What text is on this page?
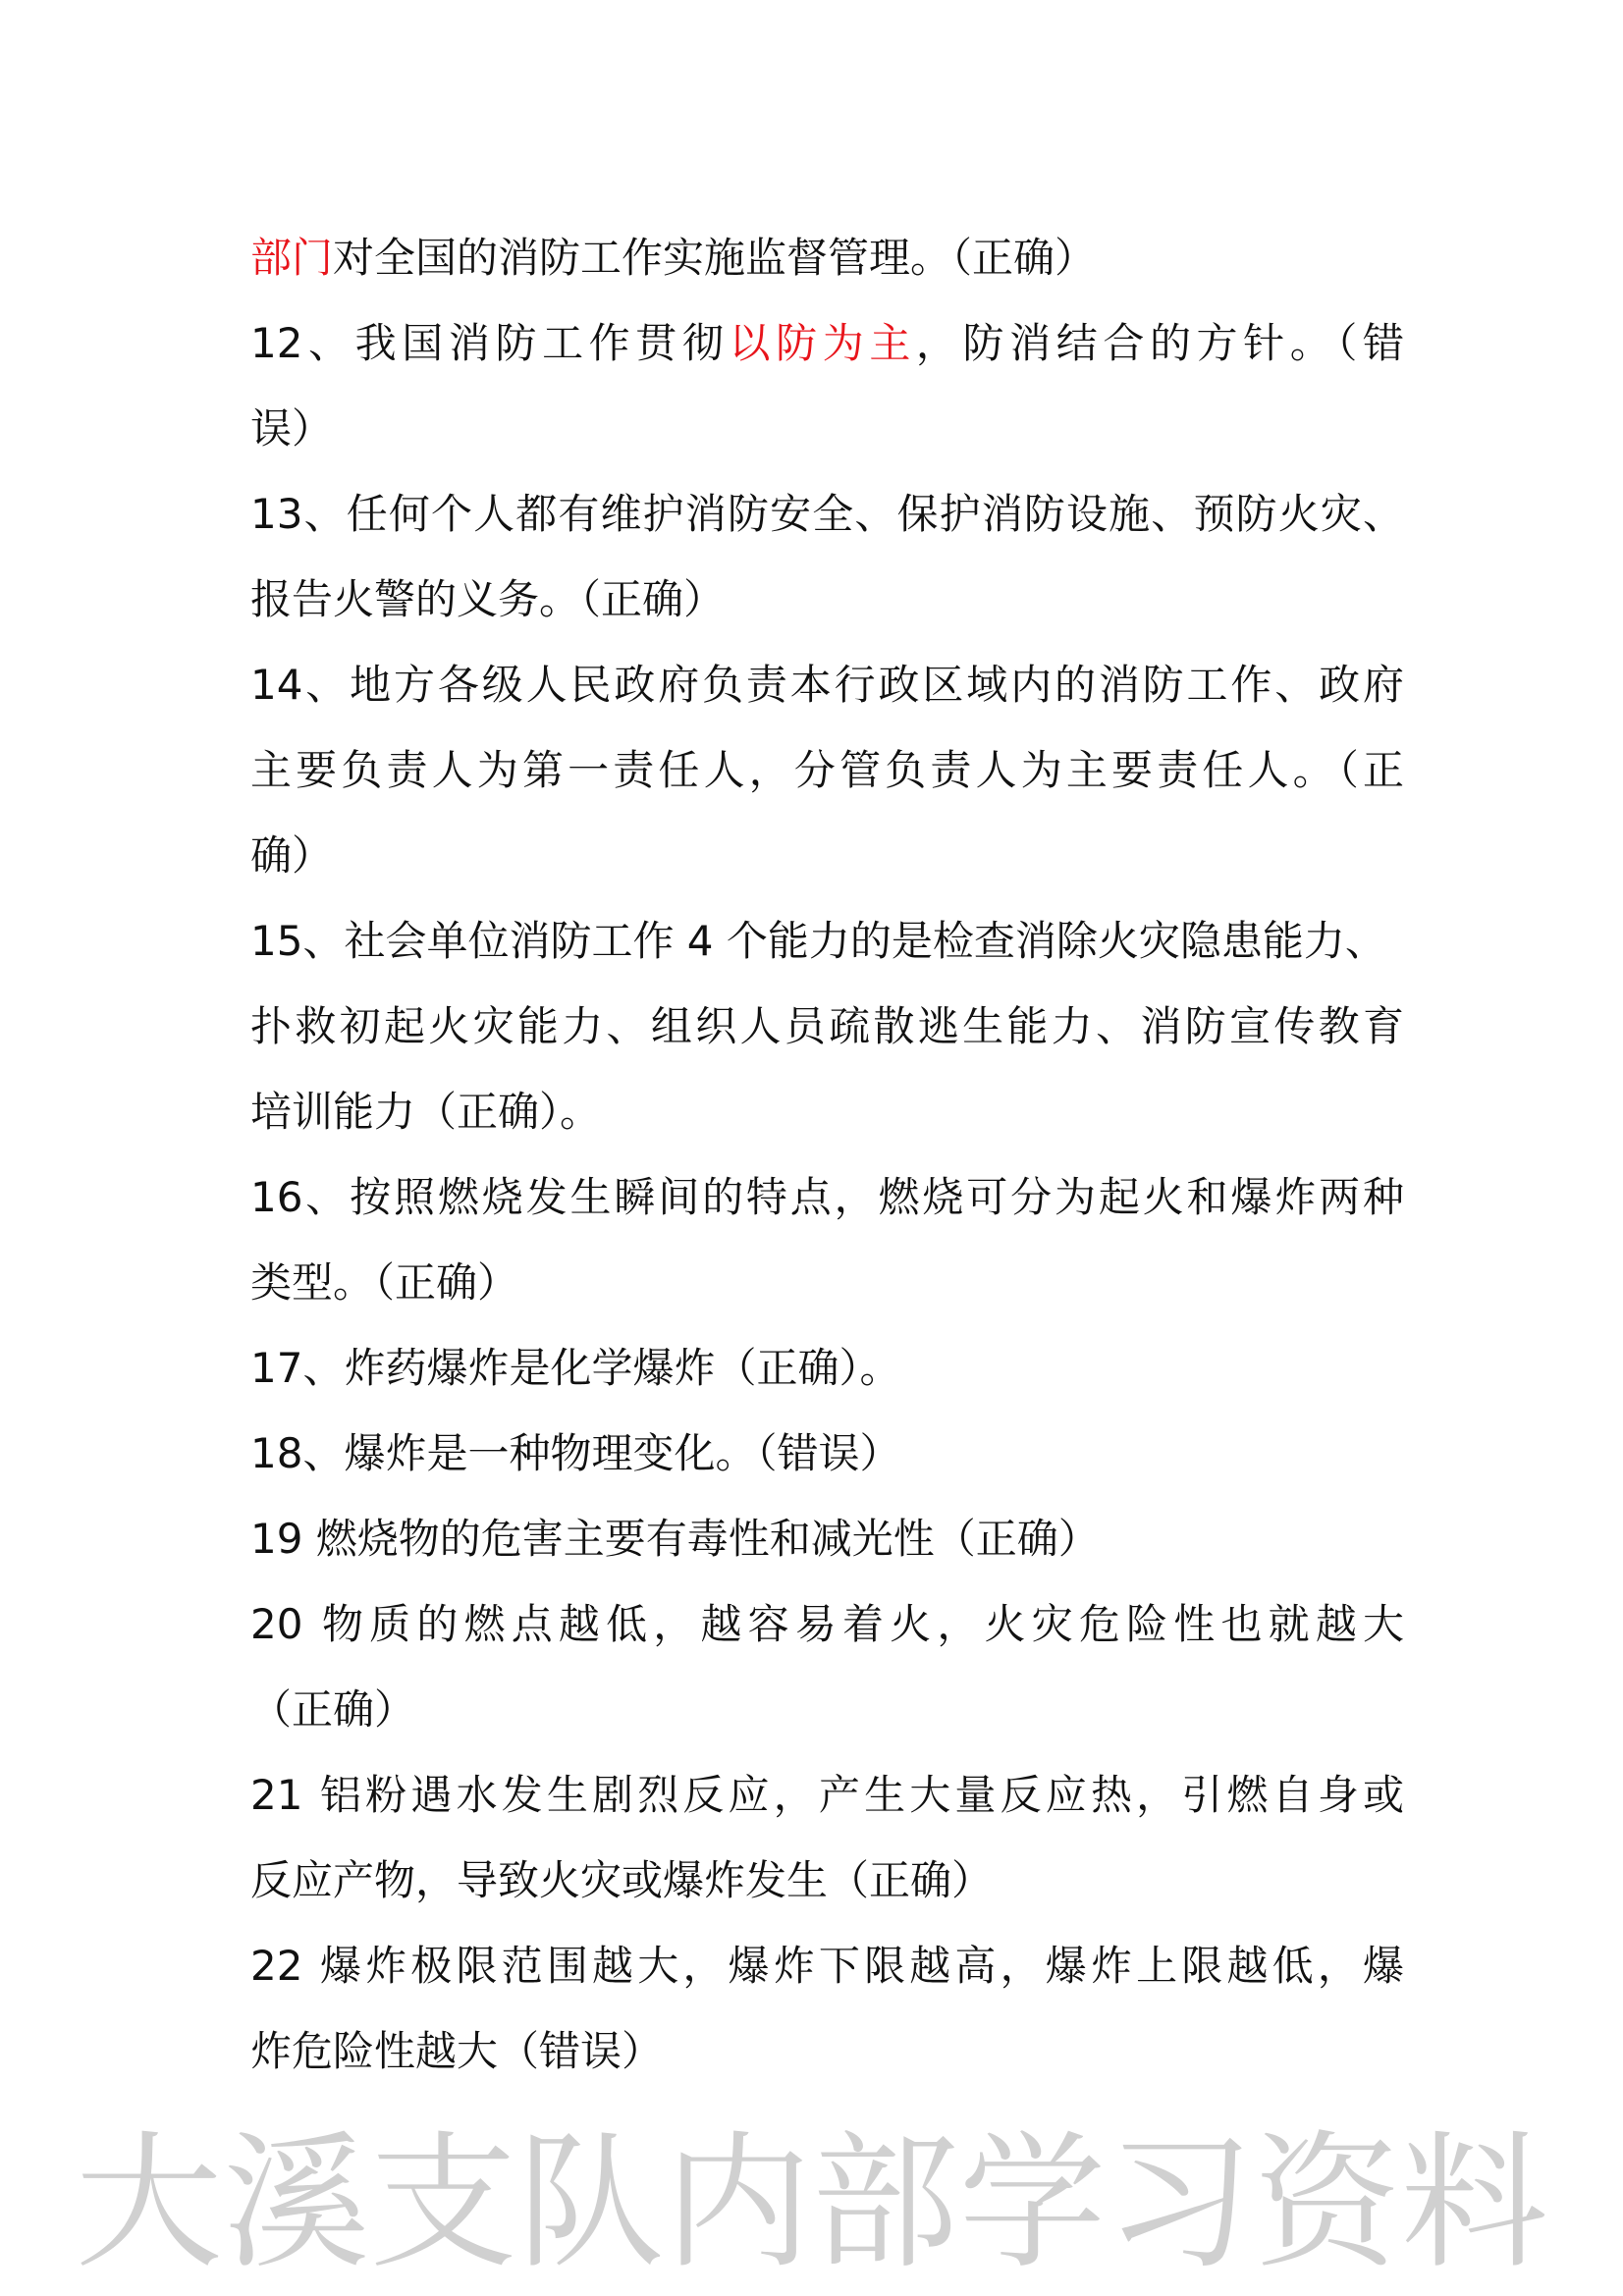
部门对全国的消防工作实施监督管理。（正确）
12、我国消防工作贯彻以防为主，防消结合的方针。（错
误）
13、任何个人都有维护消防安全、保护消防设施、预防火灾、
报告火警的义务。（正确）
14、地方各级人民政府负责本行政区域内的消防工作、政府
主要负责人为第一责任人，分管负责人为主要责任人。（正
确）
15、社会单位消防工作 4 个能力的是检查消除火灾隐患能力、
扑救初起火灾能力、组织人员疏散逃生能力、消防宣传教育
培训能力（正确）。
16、按照燃烧发生瞬间的特点，燃烧可分为起火和爆炸两种
类型。（正确）
17、炸药爆炸是化学爆炸（正确）。
18、爆炸是一种物理变化。（错误）
19 燃烧物的危害主要有毒性和减光性（正确）
20 物质的燃点越低，越容易着火，火灾危险性也就越大
（正确）
21 铝粉遇水发生剧烈反应，产生大量反应热，引燃自身或
反应产物，导致火灾或爆炸发生（正确）
22 爆炸极限范围越大，爆炸下限越高，爆炸上限越低，爆
炸危险性越大（错误）
大溪支队内部学习资料
